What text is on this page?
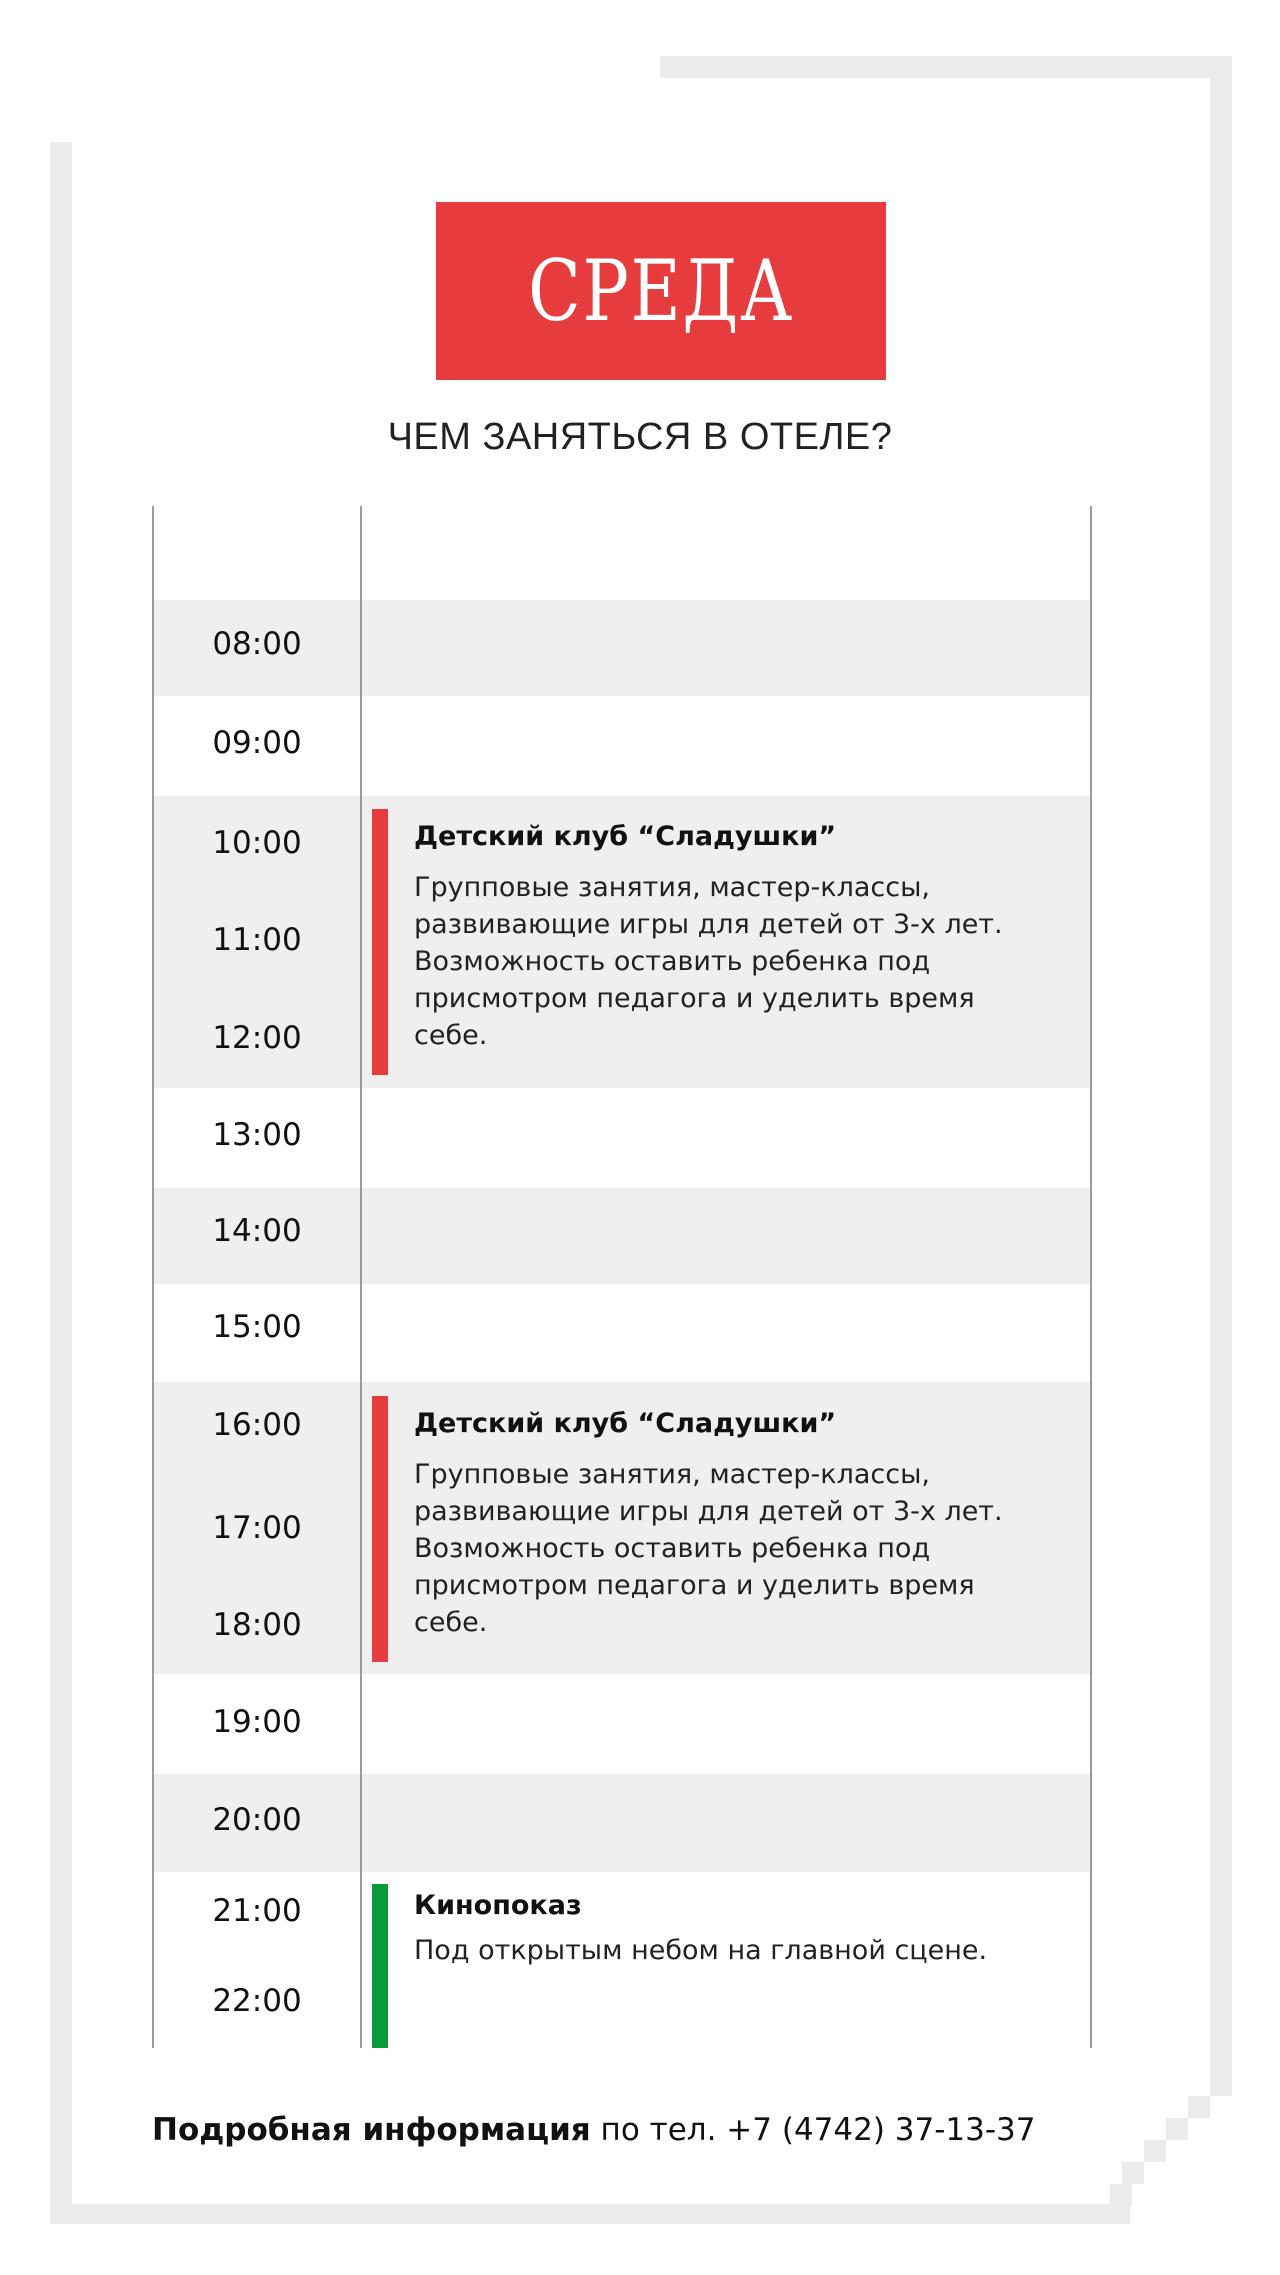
СРЕДА
ЧЕМ ЗАНЯТЬСЯ В ОТЕЛЕ?
08:00
09:00
10:00
11:00
12:00
13:00
14:00
15:00
16:00
17:00
18:00
19:00
20:00
21:00
22:00
Детский клуб “Сладушки”
Групповые занятия, мастер-классы, развивающие игры для детей от 3-х лет. Возможность оставить ребенка под присмотром педагога и уделить время себе.
Детский клуб “Сладушки”
Групповые занятия, мастер-классы, развивающие игры для детей от 3-х лет. Возможность оставить ребенка под присмотром педагога и уделить время себе.
Кинопоказ
Под открытым небом на главной сцене.
Подробная информация по тел. +7 (4742) 37-13-37
